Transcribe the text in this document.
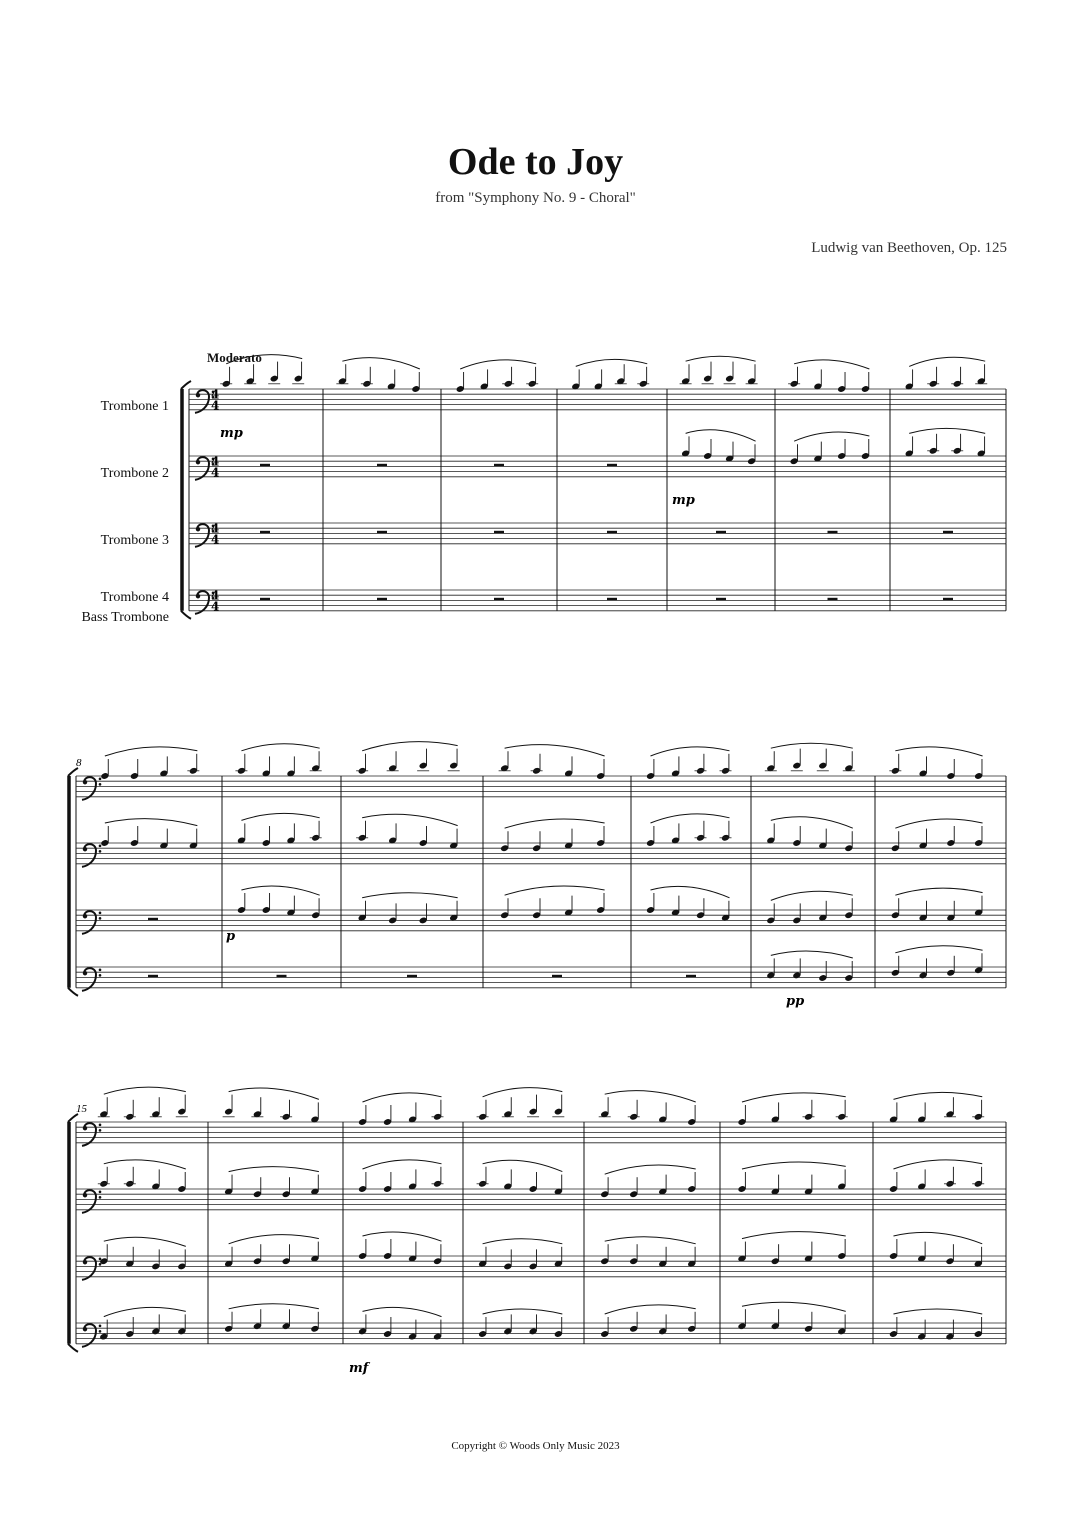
Ode to Joy
from "Symphony No. 9 - Choral"
Ludwig van Beethoven, Op. 125
Moderato
Trombone 1
Trombone 2
Trombone 3
Trombone 4
Bass Trombone
4
4
4
4
4
4
4
4
8
15
mp
mp
p
pp
mf
Copyright © Woods Only Music 2023
